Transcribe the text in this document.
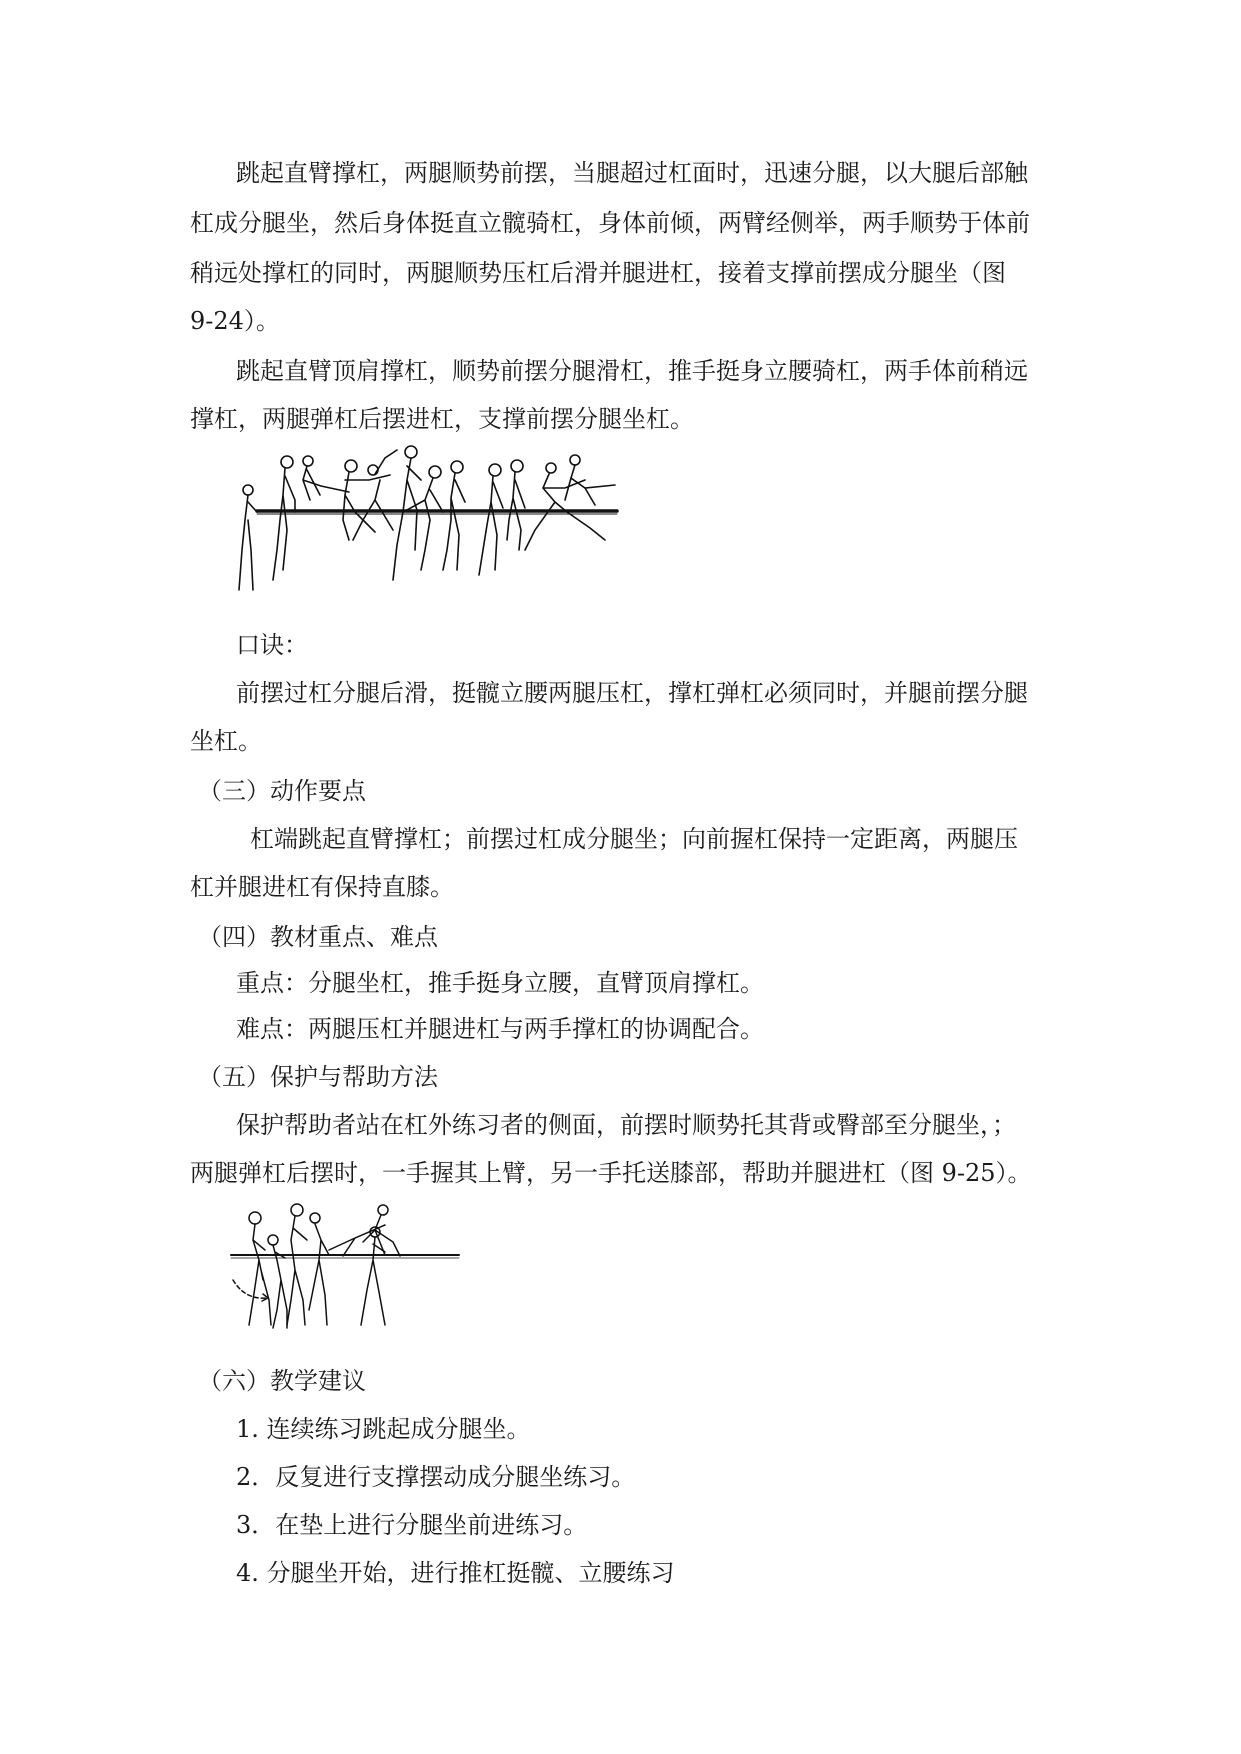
跳起直臂撑杠，两腿顺势前摆，当腿超过杠面时，迅速分腿，以大腿后部触
杠成分腿坐，然后身体挺直立髋骑杠，身体前倾，两臂经侧举，两手顺势于体前
稍远处撑杠的同时，两腿顺势压杠后滑并腿进杠，接着支撑前摆成分腿坐（图
9-24）。
跳起直臂顶肩撑杠，顺势前摆分腿滑杠，推手挺身立腰骑杠，两手体前稍远
撑杠，两腿弹杠后摆进杠，支撑前摆分腿坐杠。
口诀：
前摆过杠分腿后滑，挺髋立腰两腿压杠，撑杠弹杠必须同时，并腿前摆分腿
坐杠。
（三）动作要点
杠端跳起直臂撑杠；前摆过杠成分腿坐；向前握杠保持一定距离，两腿压
杠并腿进杠有保持直膝。
（四）教材重点、难点
重点：分腿坐杠，推手挺身立腰，直臂顶肩撑杠。
难点：两腿压杠并腿进杠与两手撑杠的协调配合。
（五）保护与帮助方法
保护帮助者站在杠外练习者的侧面，前摆时顺势托其背或臀部至分腿坐，；
两腿弹杠后摆时，一手握其上臂，另一手托送膝部，帮助并腿进杠（图 9-25）。
（六）教学建议
1. 连续练习跳起成分腿坐。
2．反复进行支撑摆动成分腿坐练习。
3．在垫上进行分腿坐前进练习。
4. 分腿坐开始，进行推杠挺髋、立腰练习
